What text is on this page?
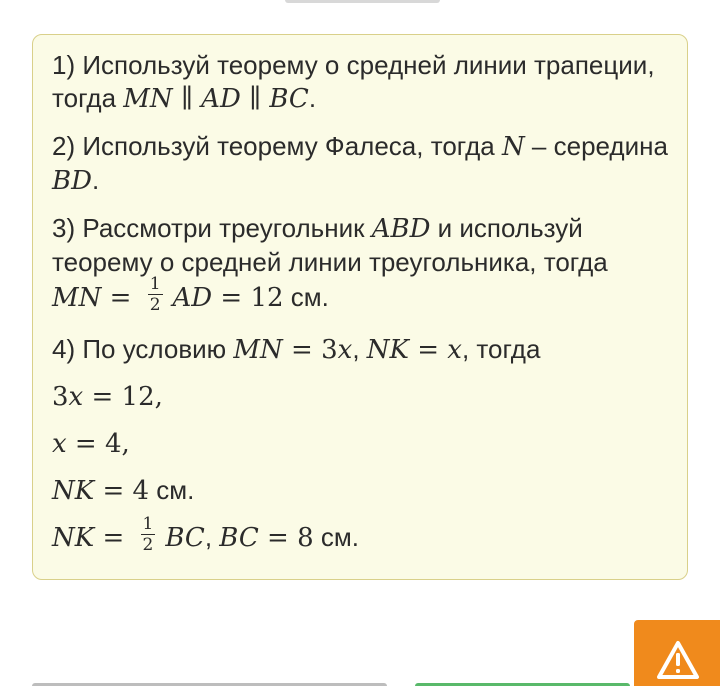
1) Используй теорему о средней линии трапеции,
тогда MN ∥ AD ∥ BC.
2) Используй теорему Фалеса, тогда N – середина
BD.
3) Рассмотри треугольник ABD и используй
теорему о средней линии треугольника, тогда
MN = $\frac{1}{2}$ AD = 12 см.
4) По условию MN = 3x, NK = x, тогда
3x = 12,
x = 4,
NK = 4 см.
NK = $\frac{1}{2}$ BC, BC = 8 см.
